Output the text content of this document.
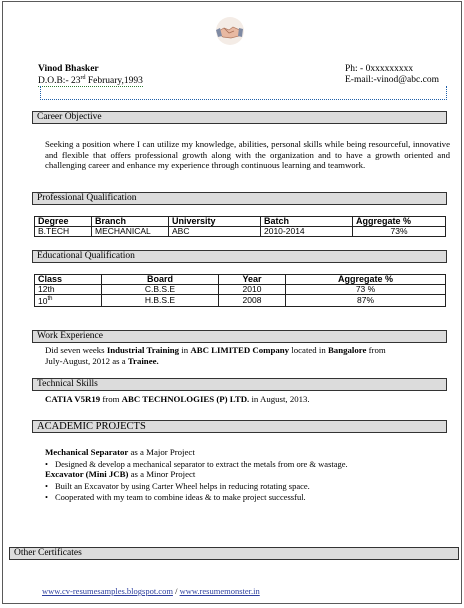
Vinod Bhasker
D.O.B:- 23rd February,1993
Ph: - 0xxxxxxxxx
E-mail:-vinod@abc.com
Career Objective
Seeking a position where I can utilize my knowledge, abilities, personal skills while being resourceful, innovative and flexible that offers professional growth along with the organization and to have a growth oriented and challenging career and enhance my experience through continuous learning and teamwork.
Professional Qualification
Degree	Branch	University	Batch	Aggregate %
B.TECH	MECHANICAL	ABC	2010-2014	73%
Educational Qualification
Class	Board	Year	Aggregate %
12th	C.B.S.E	2010	73 %
10th	H.B.S.E	2008	87%
Work Experience
Did seven weeks Industrial Training in ABC LIMITED Company located in Bangalore from
July-August, 2012 as a Trainee.
Technical Skills
CATIA V5R19 from ABC TECHNOLOGIES (P) LTD. in August, 2013.
ACADEMIC PROJECTS
Mechanical Separator as a Major Project
• Designed & develop a mechanical separator to extract the metals from ore & wastage.
Excavator (Mini JCB) as a Minor Project
• Built an Excavator by using Carter Wheel helps in reducing rotating space.
• Cooperated with my team to combine ideas & to make project successful.
Other Certificates
www.cv-resumesamples.blogspot.com / www.resumemonster.in
